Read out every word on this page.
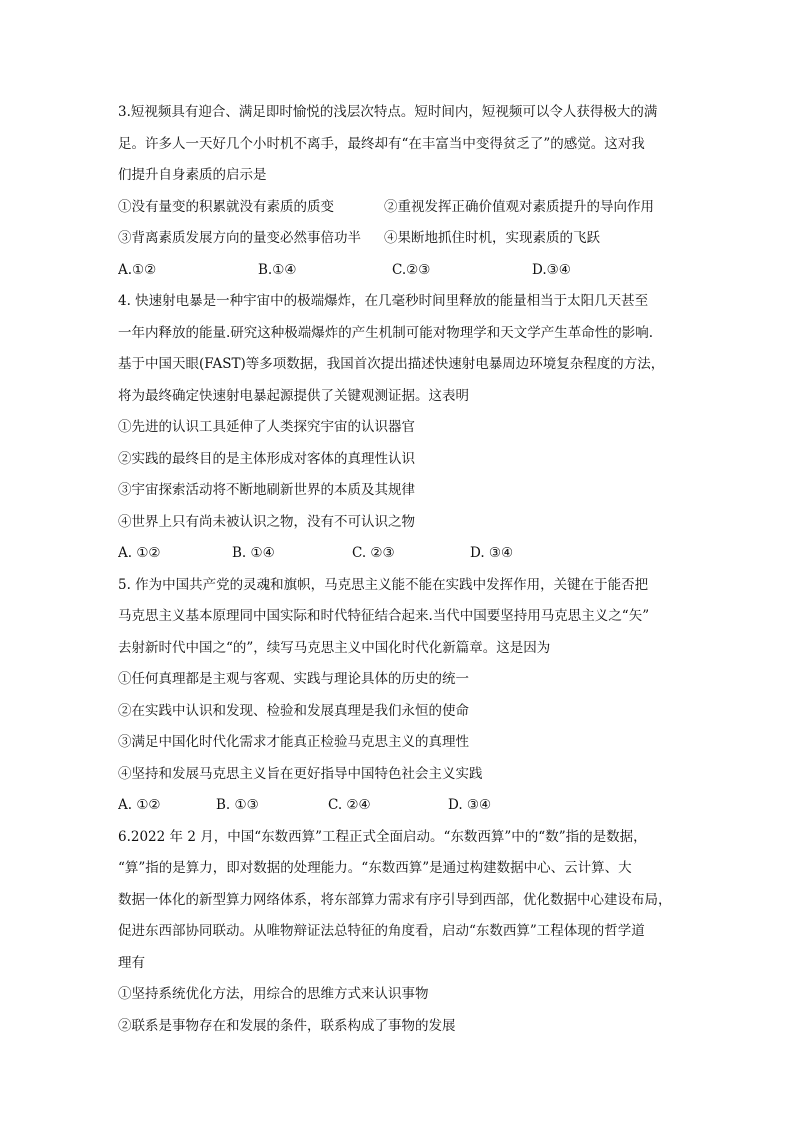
3.短视频具有迎合、满足即时愉悦的浅层次特点。短时间内，短视频可以令人获得极大的满
足。许多人一天好几个小时机不离手，最终却有“在丰富当中变得贫乏了”的感觉。这对我
们提升自身素质的启示是
①没有量变的积累就没有素质的质变	②重视发挥正确价值观对素质提升的导向作用
③背离素质发展方向的量变必然事倍功半	④果断地抓住时机，实现素质的飞跃
A.①②	B.①④	C.②③	D.③④
4. 快速射电暴是一种宇宙中的极端爆炸，在几毫秒时间里释放的能量相当于太阳几天甚至
一年内释放的能量.研究这种极端爆炸的产生机制可能对物理学和天文学产生革命性的影响.
基于中国天眼(FAST)等多项数据，我国首次提出描述快速射电暴周边环境复杂程度的方法，
将为最终确定快速射电暴起源提供了关键观测证据。这表明
①先进的认识工具延伸了人类探究宇宙的认识器官
②实践的最终目的是主体形成对客体的真理性认识
③宇宙探索活动将不断地刷新世界的本质及其规律
④世界上只有尚未被认识之物，没有不可认识之物
A. ①②	B. ①④	C. ②③	D. ③④
5. 作为中国共产党的灵魂和旗帜，马克思主义能不能在实践中发挥作用，关键在于能否把
马克思主义基本原理同中国实际和时代特征结合起来.当代中国要坚持用马克思主义之“矢”
去射新时代中国之“的”，续写马克思主义中国化时代化新篇章。这是因为
①任何真理都是主观与客观、实践与理论具体的历史的统一
②在实践中认识和发现、检验和发展真理是我们永恒的使命
③满足中国化时代化需求才能真正检验马克思主义的真理性
④坚持和发展马克思主义旨在更好指导中国特色社会主义实践
A. ①②	B. ①③	C. ②④	D. ③④
6.2022 年 2 月，中国“东数西算”工程正式全面启动。“东数西算”中的“数”指的是数据，
“算”指的是算力，即对数据的处理能力。“东数西算”是通过构建数据中心、云计算、大
数据一体化的新型算力网络体系，将东部算力需求有序引导到西部，优化数据中心建设布局，
促进东西部协同联动。从唯物辩证法总特征的角度看，启动“东数西算”工程体现的哲学道
理有
①坚持系统优化方法，用综合的思维方式来认识事物
②联系是事物存在和发展的条件，联系构成了事物的发展
